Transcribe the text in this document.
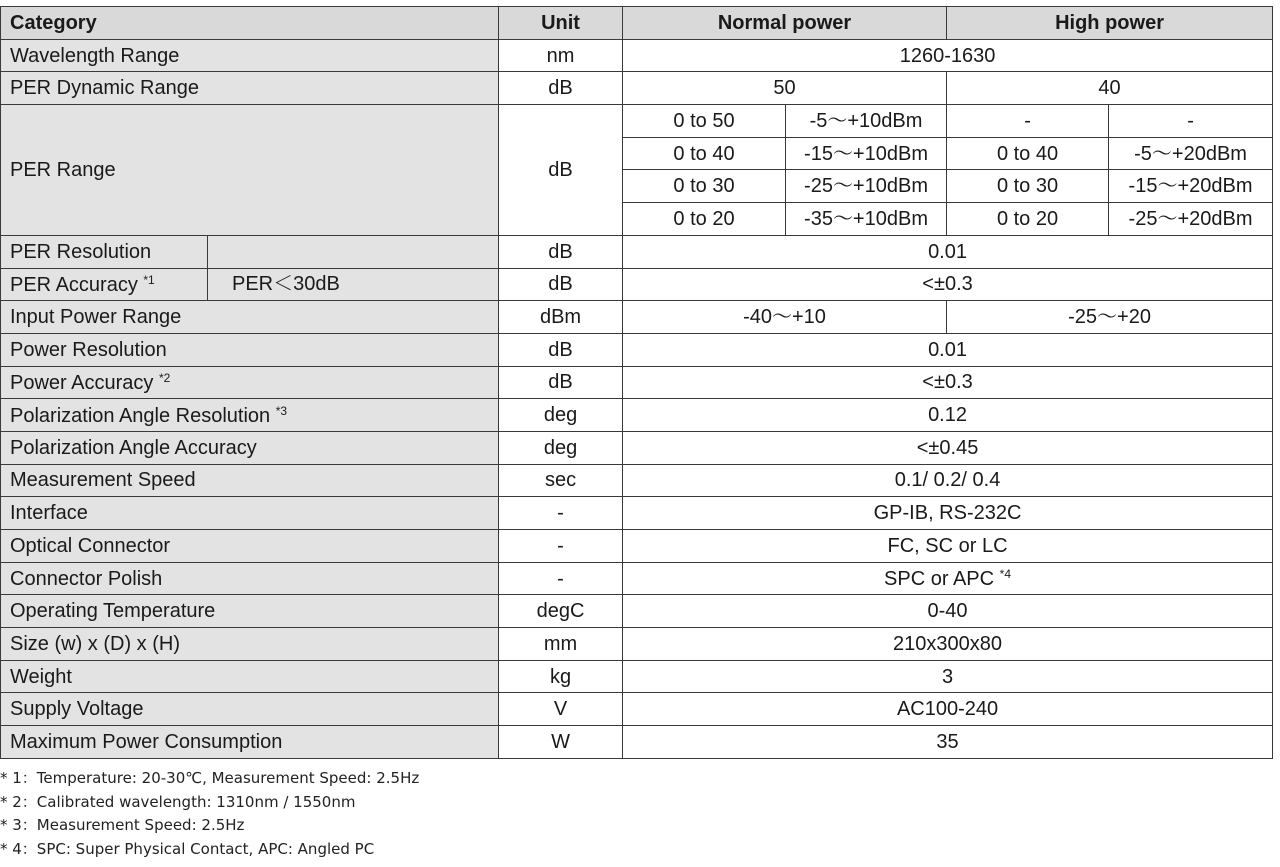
Category		Unit	Normal power		High power	
Wavelength Range		nm	1260-1630			
PER Dynamic Range		dB	50		40	
PER Range		dB	0 to 50	-5～+10dBm	-	-
			0 to 40	-15～+10dBm	0 to 40	-5～+20dBm
			0 to 30	-25～+10dBm	0 to 30	-15～+20dBm
			0 to 20	-35～+10dBm	0 to 20	-25～+20dBm
PER Resolution		dB	0.01			
PER Accuracy $^{*1}$	PER＜30dB	dB	<±0.3			
Input Power Range		dBm	-40～+10		-25～+20	
Power Resolution		dB	0.01			
Power Accuracy $^{*2}$		dB	<±0.3			
Polarization Angle Resolution $^{*3}$		deg	0.12			
Polarization Angle Accuracy		deg	<±0.45			
Measurement Speed		sec	0.1/ 0.2/ 0.4			
Interface		-	GP-IB, RS-232C			
Optical Connector		-	FC, SC or LC			
Connector Polish		-	SPC or APC $^{*4}$
Operating Temperature		degC	0-40			
Size (w) x (D) x (H)		mm	210x300x80			
Weight		kg	3			
Supply Voltage		V	AC100-240			
Maximum Power Consumption		W	35			
* 1：Temperature: 20-30℃, Measurement Speed: 2.5Hz
* 2：Calibrated wavelength: 1310nm / 1550nm
* 3：Measurement Speed: 2.5Hz
* 4：SPC: Super Physical Contact, APC: Angled PC
